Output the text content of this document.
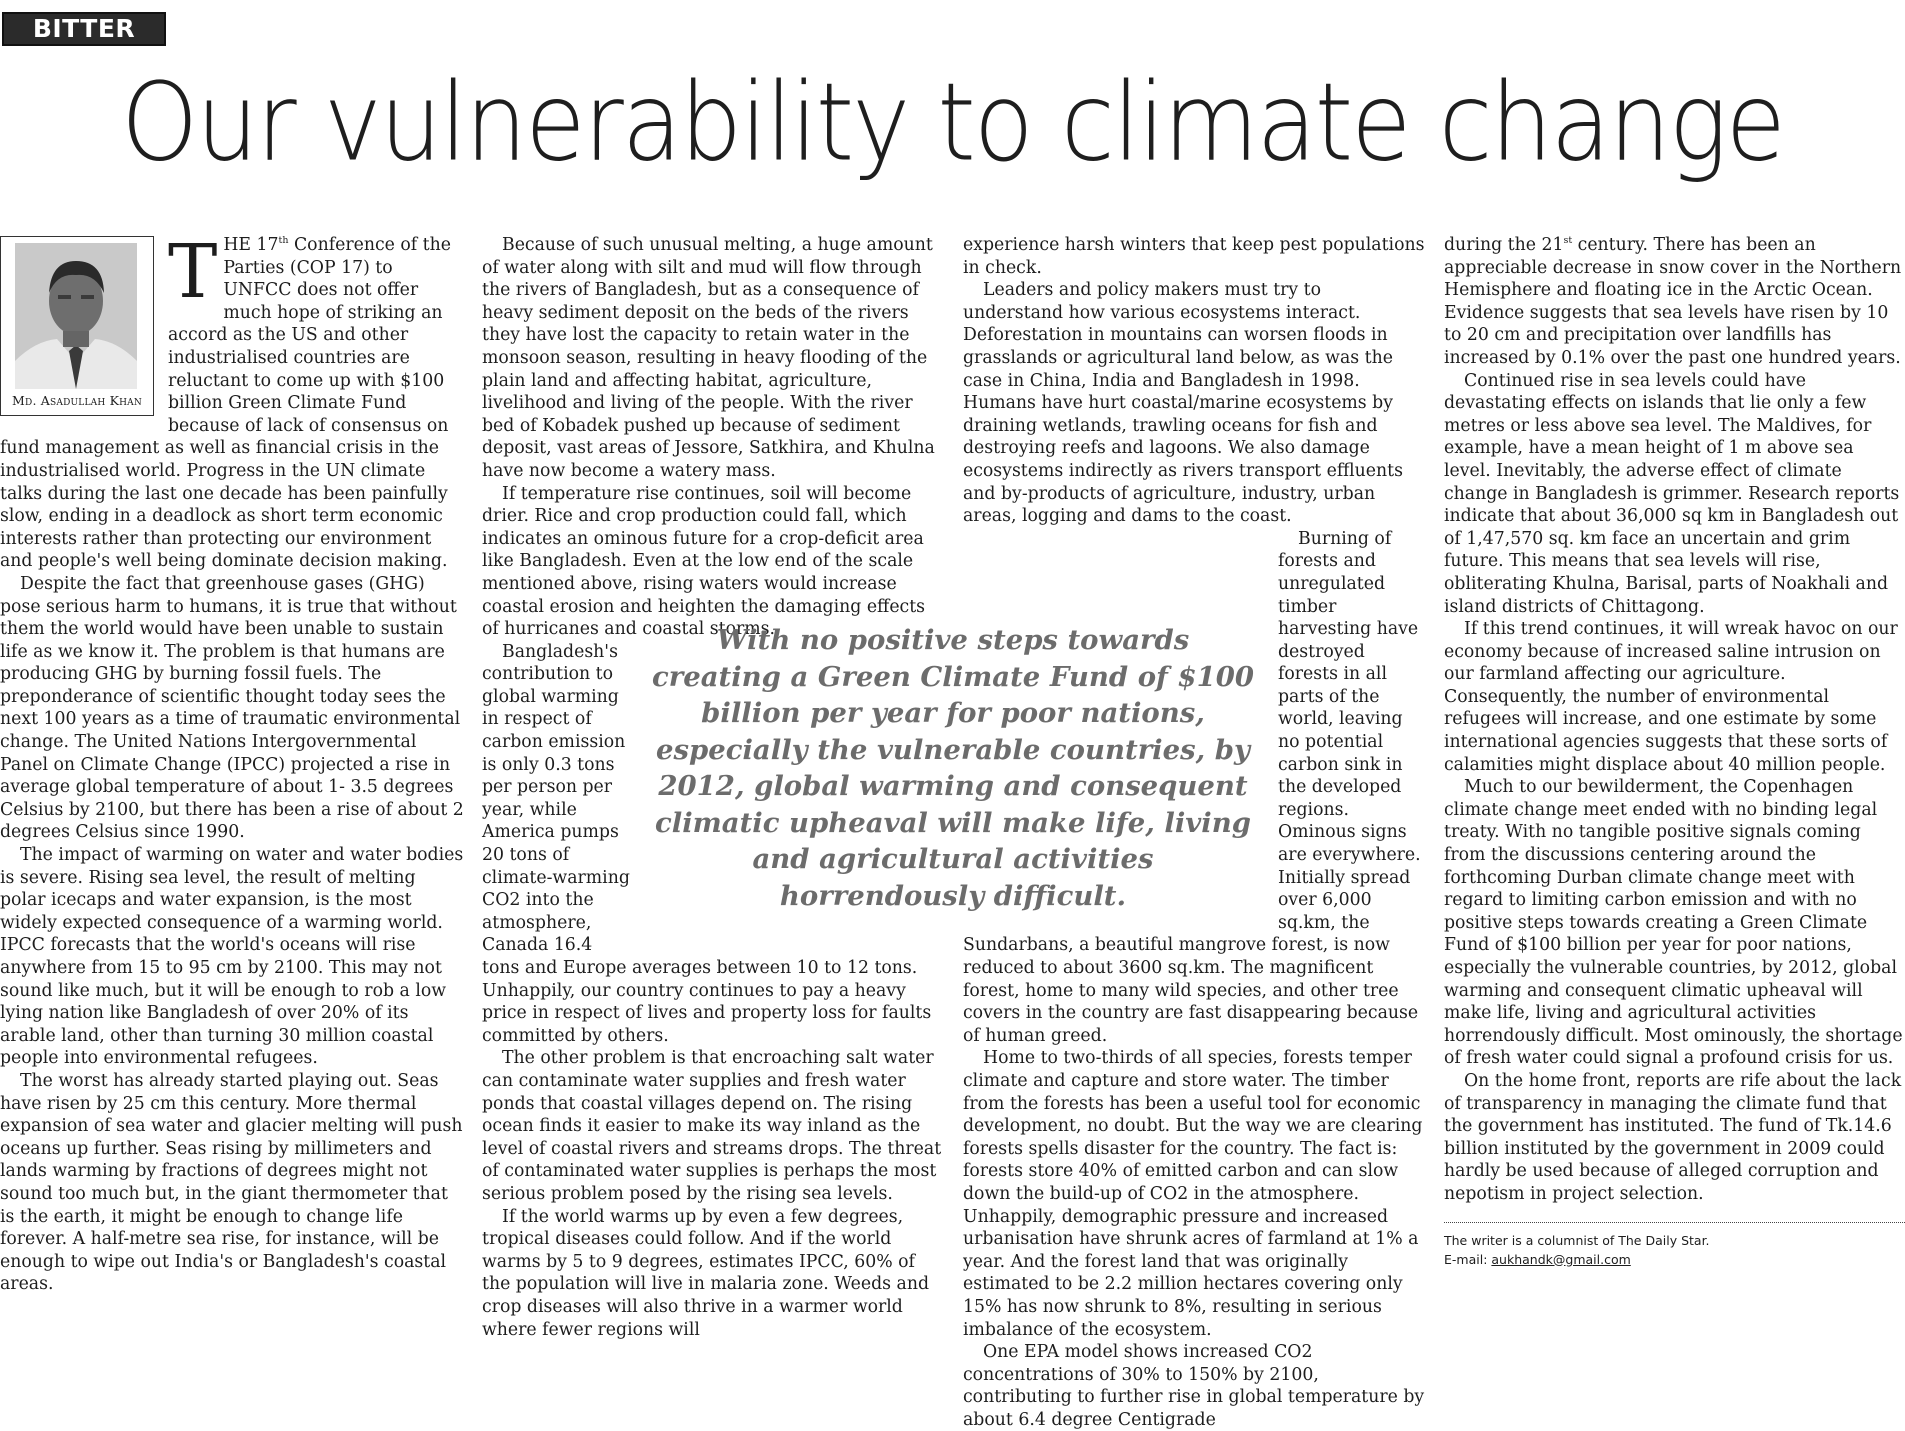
BITTER TRUTH
Our vulnerability to climate change
Md. Asadullah Khan

THE 17th Conference of the Parties (COP 17) to UNFCC does not offer much hope of striking an accord as the US and other industrialised countries are reluctant to come up with $100 billion Green Climate Fund because of lack of consensus on fund management as well as financial crisis in the industrialised world. Progress in the UN climate talks during the last one decade has been painfully slow, ending in a deadlock as short term economic interests rather than protecting our environment and people's well being dominate decision making.

Despite the fact that greenhouse gases (GHG) pose serious harm to humans, it is true that without them the world would have been unable to sustain life as we know it. The problem is that humans are producing GHG by burning fossil fuels. The preponderance of scientific thought today sees the next 100 years as a time of traumatic environmental change. The United Nations Intergovernmental Panel on Climate Change (IPCC) projected a rise in average global temperature of about 1- 3.5 degrees Celsius by 2100, but there has been a rise of about 2 degrees Celsius since 1990.

The impact of warming on water and water bodies is severe. Rising sea level, the result of melting polar icecaps and water expansion, is the most widely expected consequence of a warming world. IPCC forecasts that the world's oceans will rise anywhere from 15 to 95 cm by 2100. This may not sound like much, but it will be enough to rob a low lying nation like Bangladesh of over 20% of its arable land, other than turning 30 million coastal people into environmental refugees.

The worst has already started playing out. Seas have risen by 25 cm this century. More thermal expansion of sea water and glacier melting will push oceans up further. Seas rising by millimeters and lands warming by fractions of degrees might not sound too much but, in the giant thermometer that is the earth, it might be enough to change life forever. A half-metre sea rise, for instance, will be enough to wipe out India's or Bangladesh's coastal areas.

Because of such unusual melting, a huge amount of water along with silt and mud will flow through the rivers of Bangladesh, but as a consequence of heavy sediment deposit on the beds of the rivers they have lost the capacity to retain water in the monsoon season, resulting in heavy flooding of the plain land and affecting habitat, agriculture, livelihood and living of the people. With the river bed of Kobadek pushed up because of sediment deposit, vast areas of Jessore, Satkhira, and Khulna have now become a watery mass.

If temperature rise continues, soil will become drier. Rice and crop production could fall, which indicates an ominous future for a crop-deficit area like Bangladesh. Even at the low end of the scale mentioned above, rising waters would increase coastal erosion and heighten the damaging effects of hurricanes and coastal storms.

Bangladesh's contribution to global warming in respect of carbon emission is only 0.3 tons per person per year, while America pumps 20 tons of climate-warming CO2 into the atmosphere, Canada 16.4 tons and Europe averages between 10 to 12 tons. Unhappily, our country continues to pay a heavy price in respect of lives and property loss for faults committed by others.

The other problem is that encroaching salt water can contaminate water supplies and fresh water ponds that coastal villages depend on. The rising ocean finds it easier to make its way inland as the level of coastal rivers and streams drops. The threat of contaminated water supplies is perhaps the most serious problem posed by the rising sea levels.

If the world warms up by even a few degrees, tropical diseases could follow. And if the world warms by 5 to 9 degrees, estimates IPCC, 60% of the population will live in malaria zone. Weeds and crop diseases will also thrive in a warmer world where fewer regions will

experience harsh winters that keep pest populations in check.

Leaders and policy makers must try to understand how various ecosystems interact. Deforestation in mountains can worsen floods in grasslands or agricultural land below, as was the case in China, India and Bangladesh in 1998. Humans have hurt coastal/marine ecosystems by draining wetlands, trawling oceans for fish and destroying reefs and lagoons. We also damage ecosystems indirectly as rivers transport effluents and by-products of agriculture, industry, urban areas, logging and dams to the coast.

Burning of forests and unregulated timber harvesting have destroyed forests in all parts of the world, leaving no potential carbon sink in the developed regions. Ominous signs are everywhere. Initially spread over 6,000 sq.km, the Sundarbans, a beautiful mangrove forest, is now reduced to about 3600 sq.km. The magnificent forest, home to many wild species, and other tree covers in the country are fast disappearing because of human greed.

Home to two-thirds of all species, forests temper climate and capture and store water. The timber from the forests has been a useful tool for economic development, no doubt. But the way we are clearing forests spells disaster for the country. The fact is: forests store 40% of emitted carbon and can slow down the build-up of CO2 in the atmosphere. Unhappily, demographic pressure and increased urbanisation have shrunk acres of farmland at 1% a year. And the forest land that was originally estimated to be 2.2 million hectares covering only 15% has now shrunk to 8%, resulting in serious imbalance of the ecosystem.

One EPA model shows increased CO2 concentrations of 30% to 150% by 2100, contributing to further rise in global temperature by about 6.4 degree Centigrade

during the 21st century. There has been an appreciable decrease in snow cover in the Northern Hemisphere and floating ice in the Arctic Ocean. Evidence suggests that sea levels have risen by 10 to 20 cm and precipitation over landfills has increased by 0.1% over the past one hundred years.

Continued rise in sea levels could have devastating effects on islands that lie only a few metres or less above sea level. The Maldives, for example, have a mean height of 1 m above sea level. Inevitably, the adverse effect of climate change in Bangladesh is grimmer. Research reports indicate that about 36,000 sq km in Bangladesh out of 1,47,570 sq. km face an uncertain and grim future. This means that sea levels will rise, obliterating Khulna, Barisal, parts of Noakhali and island districts of Chittagong.

If this trend continues, it will wreak havoc on our economy because of increased saline intrusion on our farmland affecting our agriculture. Consequently, the number of environmental refugees will increase, and one estimate by some international agencies suggests that these sorts of calamities might displace about 40 million people.

Much to our bewilderment, the Copenhagen climate change meet ended with no binding legal treaty. With no tangible positive signals coming from the discussions centering around the forthcoming Durban climate change meet with regard to limiting carbon emission and with no positive steps towards creating a Green Climate Fund of $100 billion per year for poor nations, especially the vulnerable countries, by 2012, global warming and consequent climatic upheaval will make life, living and agricultural activities horrendously difficult. Most ominously, the shortage of fresh water could signal a profound crisis for us.

On the home front, reports are rife about the lack of transparency in managing the climate fund that the government has instituted. The fund of Tk.14.6 billion instituted by the government in 2009 could hardly be used because of alleged corruption and nepotism in project selection.

The writer is a columnist of The Daily Star.
E-mail: aukhandk@gmail.com
With no positive steps towards creating a Green Climate Fund of $100 billion per year for poor nations, especially the vulnerable countries, by 2012, global warming and consequent climatic upheaval will make life, living and agricultural activities horrendously difficult.
